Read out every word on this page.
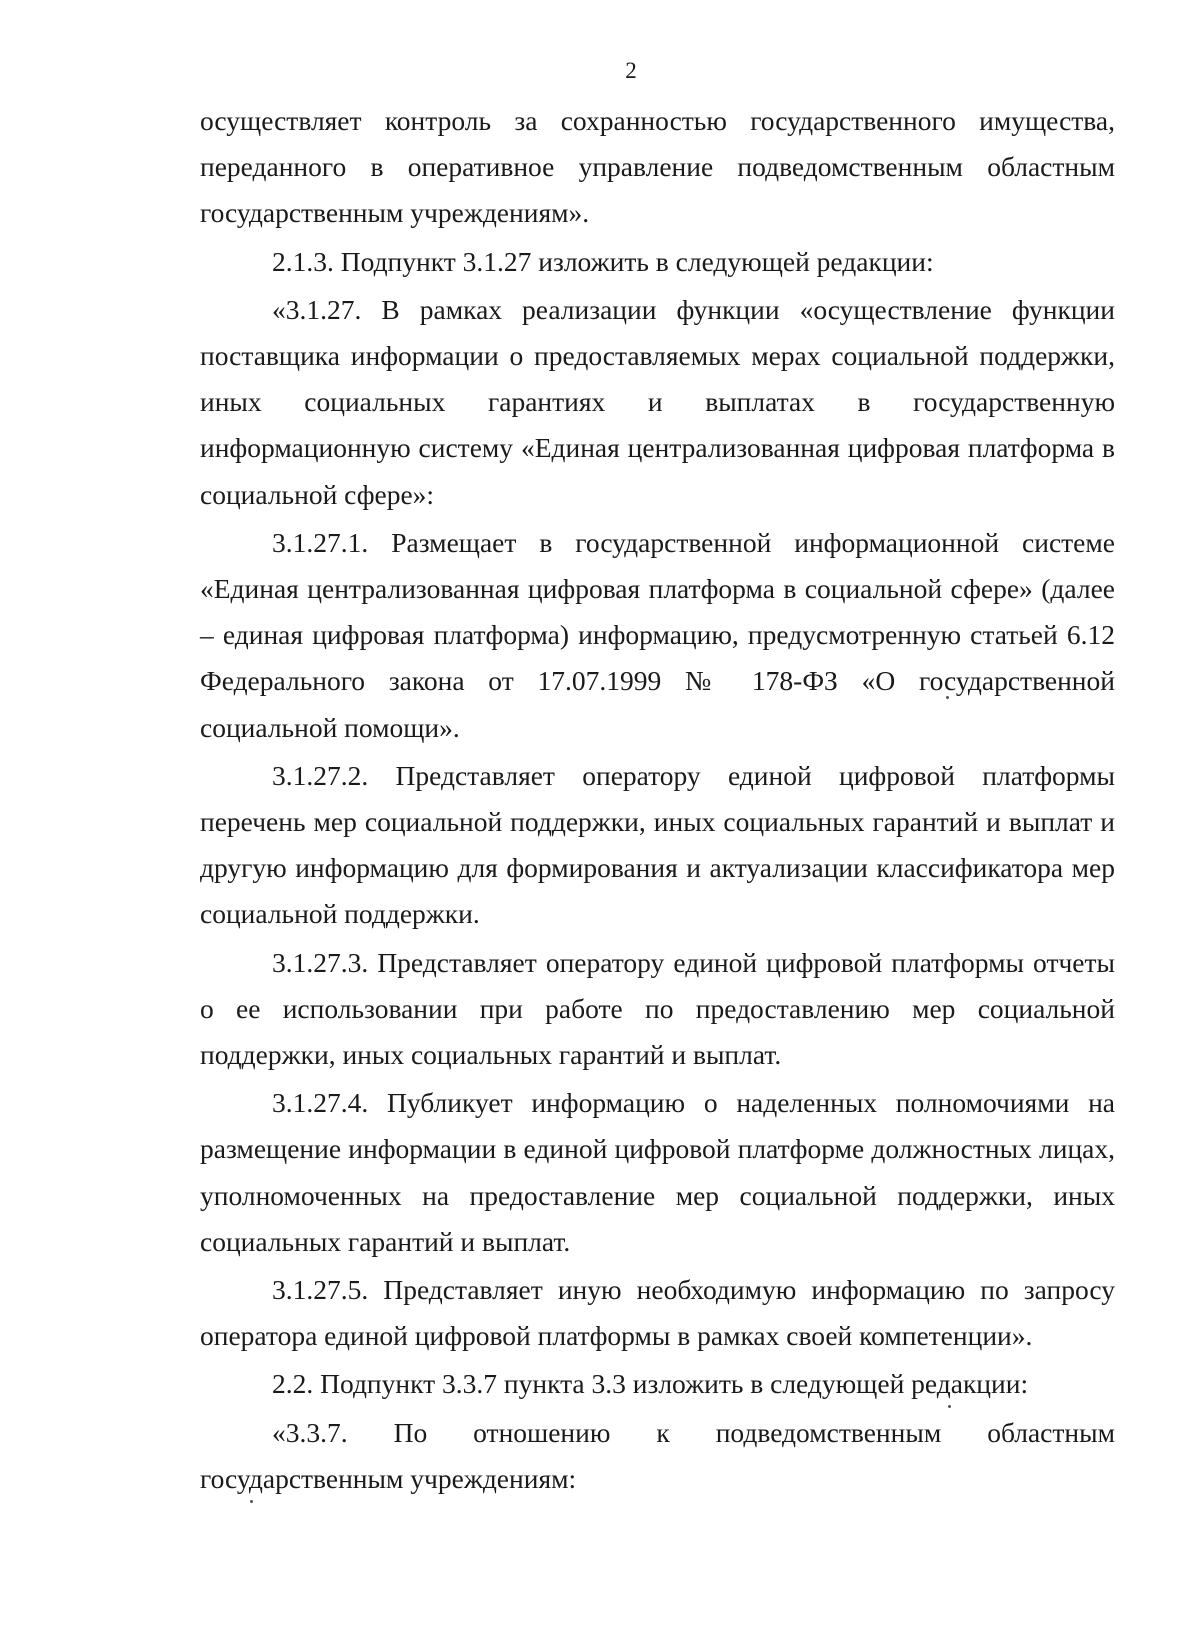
2

осуществляет контроль за сохранностью государственного имущества, переданного в оперативное управление подведомственным областным государственным учреждениям».

2.1.3. Подпункт 3.1.27 изложить в следующей редакции:

«3.1.27. В рамках реализации функции «осуществление функции поставщика информации о предоставляемых мерах социальной поддержки, иных социальных гарантиях и выплатах в государственную информационную систему «Единая централизованная цифровая платформа в социальной сфере»:

3.1.27.1. Размещает в государственной информационной системе «Единая централизованная цифровая платформа в социальной сфере» (далее – единая цифровая платформа) информацию, предусмотренную статьей 6.12 Федерального закона от 17.07.1999 № 178-ФЗ «О государственной социальной помощи».

3.1.27.2. Представляет оператору единой цифровой платформы перечень мер социальной поддержки, иных социальных гарантий и выплат и другую информацию для формирования и актуализации классификатора мер социальной поддержки.

3.1.27.3. Представляет оператору единой цифровой платформы отчеты о ее использовании при работе по предоставлению мер социальной поддержки, иных социальных гарантий и выплат.

3.1.27.4. Публикует информацию о наделенных полномочиями на размещение информации в единой цифровой платформе должностных лицах, уполномоченных на предоставление мер социальной поддержки, иных социальных гарантий и выплат.

3.1.27.5. Представляет иную необходимую информацию по запросу оператора единой цифровой платформы в рамках своей компетенции».

2.2. Подпункт 3.3.7 пункта 3.3 изложить в следующей редакции:

«3.3.7. По отношению к подведомственным областным государственным учреждениям:
